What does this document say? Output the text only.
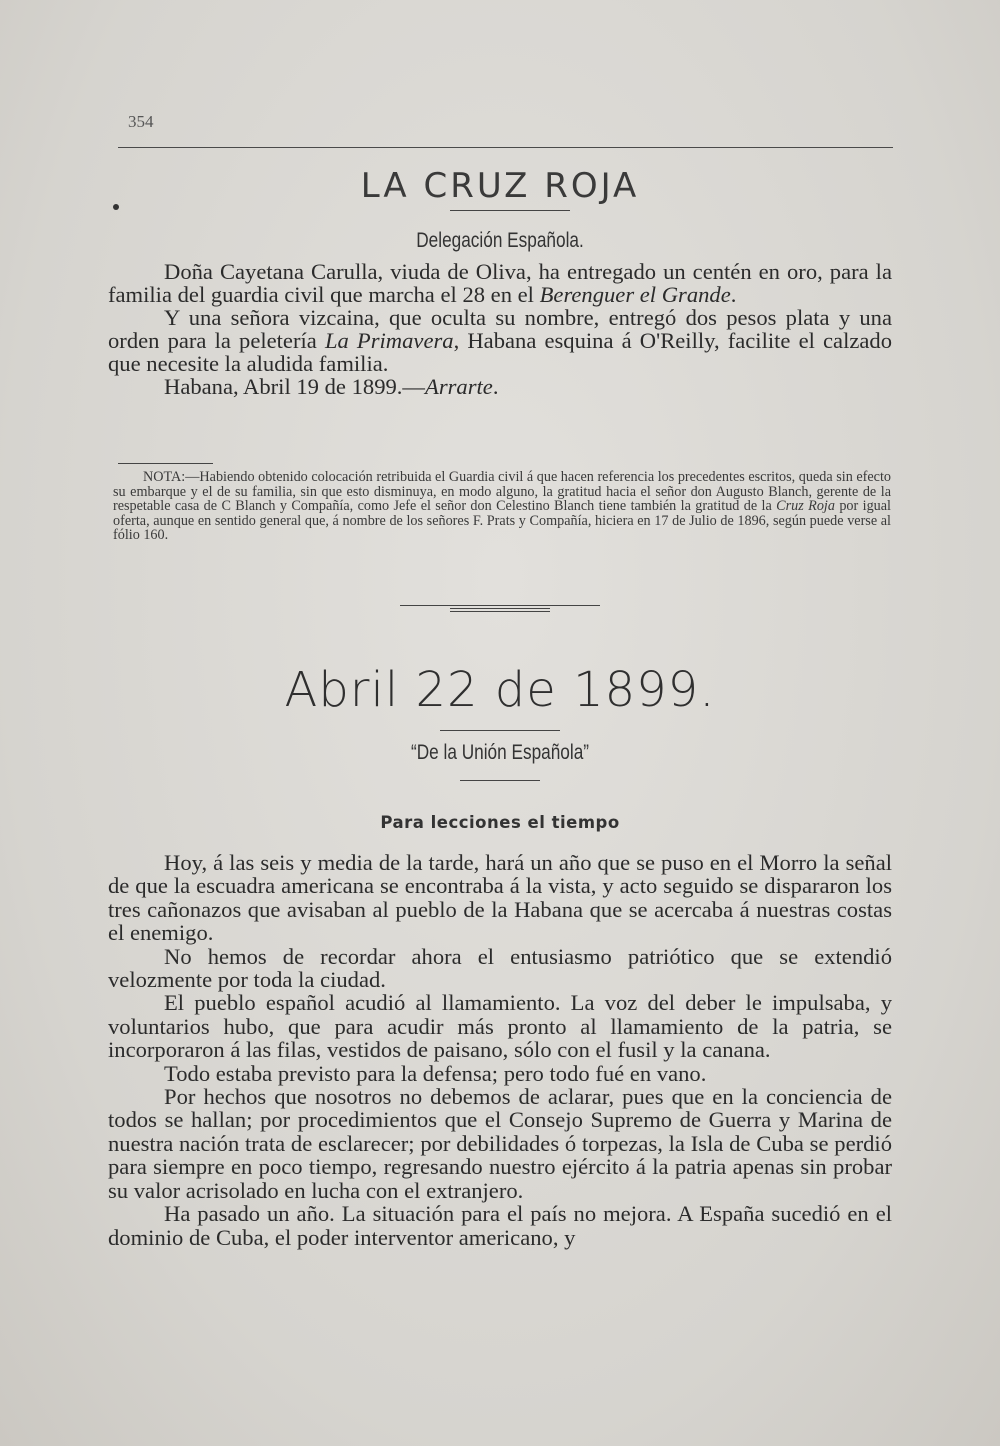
354
LA CRUZ ROJA
Delegación Española.

Doña Cayetana Carulla, viuda de Oliva, ha entregado un centén en oro, para la familia del guardia civil que marcha el 28 en el Berenguer el Grande.

Y una señora vizcaina, que oculta su nombre, entregó dos pesos plata y una orden para la peletería La Primavera, Habana esquina á O'Reilly, facilite el calzado que necesite la aludida familia.

Habana, Abril 19 de 1899.—Arrarte.

NOTA:—Habiendo obtenido colocación retribuida el Guardia civil á que hacen referencia los precedentes escritos, queda sin efecto su embarque y el de su familia, sin que esto disminuya, en modo alguno, la gratitud hacia el señor don Augusto Blanch, gerente de la respetable casa de C Blanch y Compañía, como Jefe el señor don Celestino Blanch tiene también la gratitud de la Cruz Roja por igual oferta, aunque en sentido general que, á nombre de los señores F. Prats y Compañía, hiciera en 17 de Julio de 1896, según puede verse al fólio 160.

Abril 22 de 1899.
“De la Unión Española”
Para lecciones el tiempo

Hoy, á las seis y media de la tarde, hará un año que se puso en el Morro la señal de que la escuadra americana se encontraba á la vista, y acto seguido se dispararon los tres cañonazos que avisaban al pueblo de la Habana que se acercaba á nuestras costas el enemigo.

No hemos de recordar ahora el entusiasmo patriótico que se extendió velozmente por toda la ciudad.

El pueblo español acudió al llamamiento. La voz del deber le impulsaba, y voluntarios hubo, que para acudir más pronto al llamamiento de la patria, se incorporaron á las filas, vestidos de paisano, sólo con el fusil y la canana.

Todo estaba previsto para la defensa; pero todo fué en vano.

Por hechos que nosotros no debemos de aclarar, pues que en la conciencia de todos se hallan; por procedimientos que el Consejo Supremo de Guerra y Marina de nuestra nación trata de esclarecer; por debilidades ó torpezas, la Isla de Cuba se perdió para siempre en poco tiempo, regresando nuestro ejército á la patria apenas sin probar su valor acrisolado en lucha con el extranjero.

Ha pasado un año. La situación para el país no mejora. A España sucedió en el dominio de Cuba, el poder interventor americano, y
